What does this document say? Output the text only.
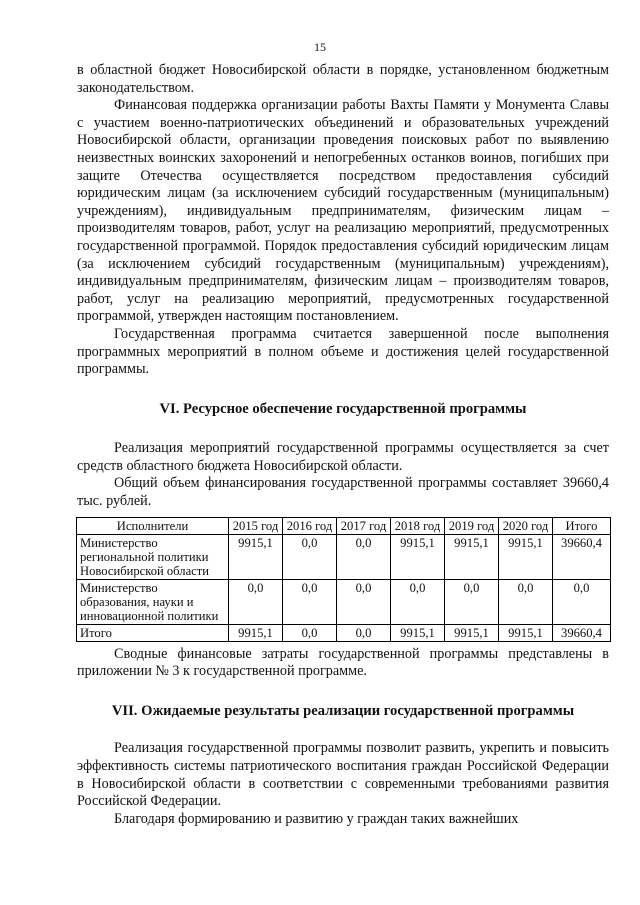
15

в областной бюджет Новосибирской области в порядке, установленном бюджетным законодательством.

Финансовая поддержка организации работы Вахты Памяти у Монумента Славы с участием военно-патриотических объединений и образовательных учреждений Новосибирской области, организации проведения поисковых работ по выявлению неизвестных воинских захоронений и непогребенных останков воинов, погибших при защите Отечества осуществляется посредством предоставления субсидий юридическим лицам (за исключением субсидий государственным (муниципальным) учреждениям), индивидуальным предпринимателям, физическим лицам – производителям товаров, работ, услуг на реализацию мероприятий, предусмотренных государственной программой. Порядок предоставления субсидий юридическим лицам (за исключением субсидий государственным (муниципальным) учреждениям), индивидуальным предпринимателям, физическим лицам – производителям товаров, работ, услуг на реализацию мероприятий, предусмотренных государственной программой, утвержден настоящим постановлением.

Государственная программа считается завершенной после выполнения программных мероприятий в полном объеме и достижения целей государственной программы.

VI. Ресурсное обеспечение государственной программы

Реализация мероприятий государственной программы осуществляется за счет средств областного бюджета Новосибирской области.

Общий объем финансирования государственной программы составляет 39660,4 тыс. рублей.

Исполнители	2015 год	2016 год	2017 год	2018 год	2019 год	2020 год	Итого
Министерство региональной политики Новосибирской области	9915,1	0,0	0,0	9915,1	9915,1	9915,1	39660,4
Министерство образования, науки и инновационной политики	0,0	0,0	0,0	0,0	0,0	0,0	0,0
Итого	9915,1	0,0	0,0	9915,1	9915,1	9915,1	39660,4

Сводные финансовые затраты государственной программы представлены в приложении № 3 к государственной программе.

VII. Ожидаемые результаты реализации государственной программы

Реализация государственной программы позволит развить, укрепить и повысить эффективность системы патриотического воспитания граждан Российской Федерации в Новосибирской области в соответствии с современными требованиями развития Российской Федерации.

Благодаря формированию и развитию у граждан таких важнейших
